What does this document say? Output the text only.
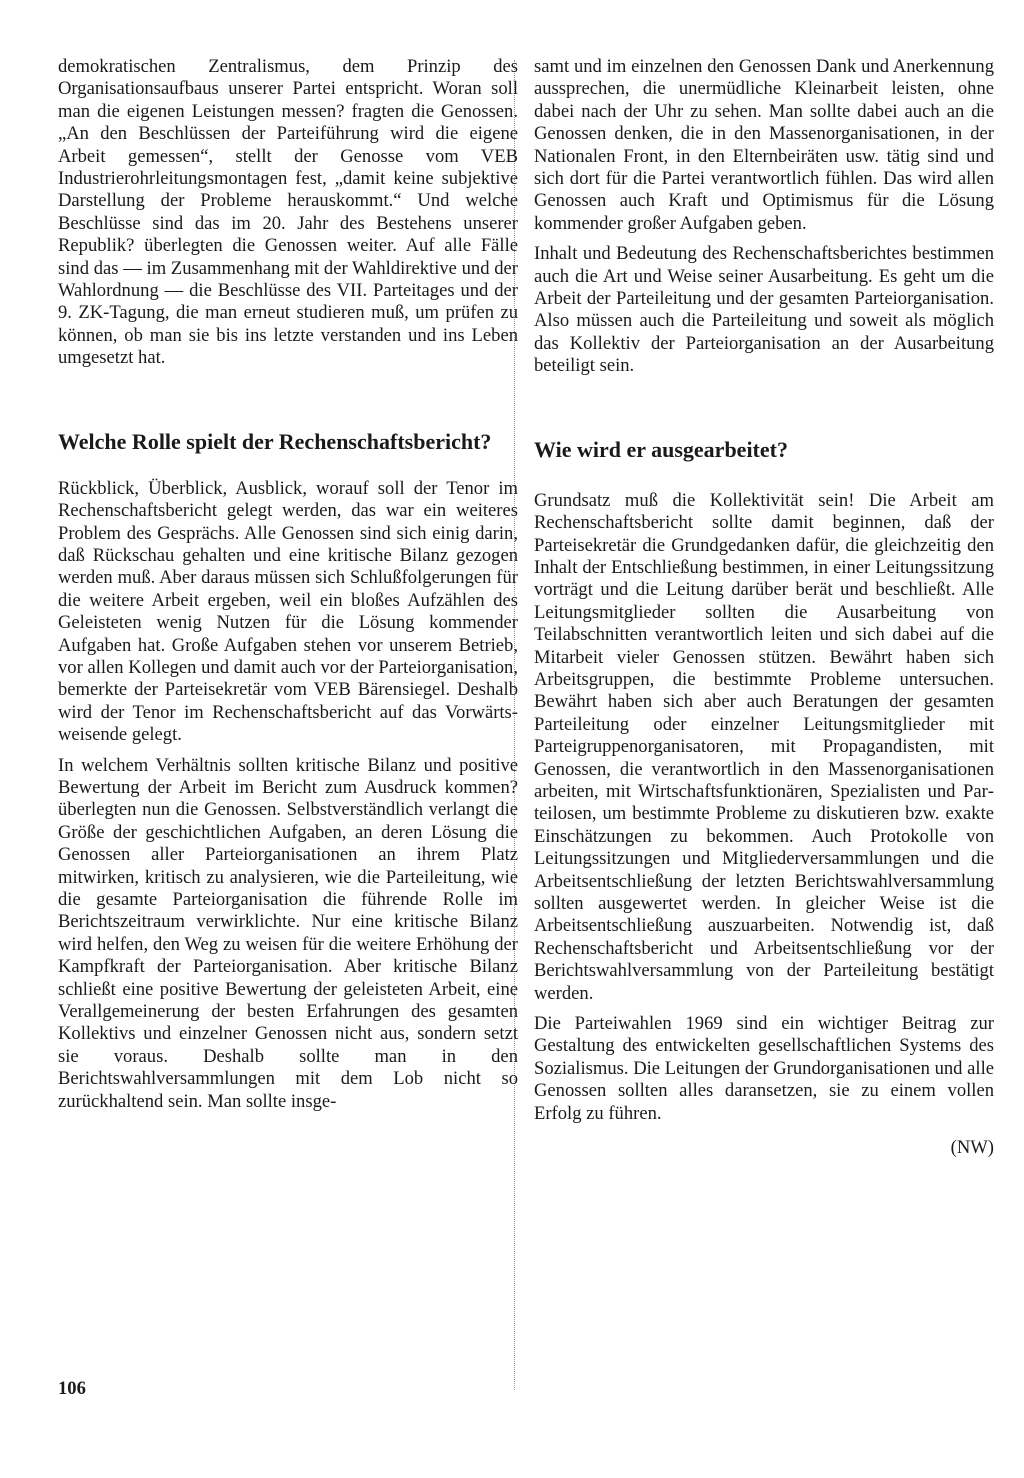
demokratischen Zentralismus, dem Prinzip des Organisationsaufbaus unserer Partei entspricht. Woran soll man die eigenen Leistungen messen? fragten die Genossen. „An den Beschlüssen der Parteiführung wird die eigene Arbeit gemessen“, stellt der Genosse vom VEB Industrierohrleitungsmontagen fest, „damit keine subjektive Darstellung der Probleme herauskommt.“ Und welche Beschlüsse sind das im 20. Jahr des Bestehens unserer Republik? überlegten die Genossen weiter. Auf alle Fälle sind das — im Zusammenhang mit der Wahldirektive und der Wahlordnung — die Beschlüsse des VII. Parteitages und der 9. ZK-Tagung, die man erneut studieren muß, um prüfen zu können, ob man sie bis ins letzte verstanden und ins Leben umgesetzt hat.

Welche Rolle spielt der Rechenschaftsbericht?

Rückblick, Überblick, Ausblick, worauf soll der Tenor im Rechenschaftsbericht gelegt werden, das war ein weiteres Problem des Gesprächs. Alle Genossen sind sich einig darin, daß Rückschau gehalten und eine kritische Bilanz gezogen werden muß. Aber daraus müssen sich Schlußfolgerungen für die weitere Arbeit ergeben, weil ein bloßes Aufzählen des Geleisteten wenig Nutzen für die Lösung kommender Aufgaben hat. Große Aufgaben stehen vor unserem Betrieb, vor allen Kollegen und damit auch vor der Parteiorganisation, bemerkte der Parteisekretär vom VEB Bärensiegel. Deshalb wird der Tenor im Rechenschaftsbericht auf das Vorwärtsweisende gelegt.

In welchem Verhältnis sollten kritische Bilanz und positive Bewertung der Arbeit im Bericht zum Ausdruck kommen? überlegten nun die Genossen. Selbstverständlich verlangt die Größe der geschichtlichen Aufgaben, an deren Lösung die Genossen aller Parteiorganisationen an ihrem Platz mitwirken, kritisch zu analysieren, wie die Parteileitung, wie die gesamte Parteiorganisation die führende Rolle im Berichtszeitraum verwirklichte. Nur eine kritische Bilanz wird helfen, den Weg zu weisen für die weitere Erhöhung der Kampfkraft der Parteiorganisation. Aber kritische Bilanz schließt eine positive Bewertung der geleisteten Arbeit, eine Verallgemeinerung der besten Erfahrungen des gesamten Kollektivs und einzelner Genossen nicht aus, sondern setzt sie voraus. Deshalb sollte man in den Berichtswahlversammlungen mit dem Lob nicht so zurückhaltend sein. Man sollte insge-

samt und im einzelnen den Genossen Dank und Anerkennung aussprechen, die unermüdliche Kleinarbeit leisten, ohne dabei nach der Uhr zu sehen. Man sollte dabei auch an die Genossen denken, die in den Massenorganisationen, in der Nationalen Front, in den Elternbeiräten usw. tätig sind und sich dort für die Partei verantwortlich fühlen. Das wird allen Genossen auch Kraft und Optimismus für die Lösung kommender großer Aufgaben geben.

Inhalt und Bedeutung des Rechenschaftsberichtes bestimmen auch die Art und Weise seiner Ausarbeitung. Es geht um die Arbeit der Parteileitung und der gesamten Parteiorganisation. Also müssen auch die Parteileitung und soweit als möglich das Kollektiv der Parteiorganisation an der Ausarbeitung beteiligt sein.

Wie wird er ausgearbeitet?

Grundsatz muß die Kollektivität sein! Die Arbeit am Rechenschaftsbericht sollte damit beginnen, daß der Parteisekretär die Grundgedanken dafür, die gleichzeitig den Inhalt der Entschließung bestimmen, in einer Leitungssitzung vorträgt und die Leitung darüber berät und beschließt. Alle Leitungsmitglieder sollten die Ausarbeitung von Teilabschnitten verantwortlich leiten und sich dabei auf die Mitarbeit vieler Genossen stützen. Bewährt haben sich Arbeitsgruppen, die bestimmte Probleme untersuchen. Bewährt haben sich aber auch Beratungen der gesamten Parteileitung oder einzelner Leitungsmitglieder mit Parteigruppenorganisatoren, mit Propagandisten, mit Genossen, die verantwortlich in den Massenorganisationen arbeiten, mit Wirtschaftsfunktionären, Spezialisten und Parteilosen, um bestimmte Probleme zu diskutieren bzw. exakte Einschätzungen zu bekommen. Auch Protokolle von Leitungssitzungen und Mitgliederversammlungen und die Arbeitsentschließung der letzten Berichtswahlversammlung sollten ausgewertet werden. In gleicher Weise ist die Arbeitsentschließung auszuarbeiten. Notwendig ist, daß Rechenschaftsbericht und Arbeitsentschließung vor der Berichtswahlversammlung von der Parteileitung bestätigt werden.

Die Parteiwahlen 1969 sind ein wichtiger Beitrag zur Gestaltung des entwickelten gesellschaftlichen Systems des Sozialismus. Die Leitungen der Grundorganisationen und alle Genossen sollten alles daransetzen, sie zu einem vollen Erfolg zu führen.

(NW)
106
